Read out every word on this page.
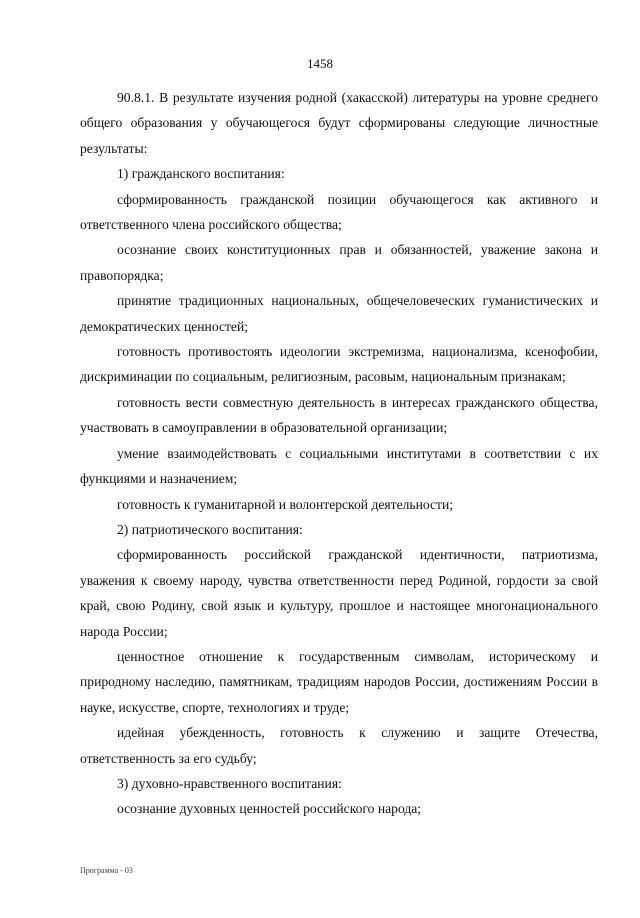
1458

90.8.1. В результате изучения родной (хакасской) литературы на уровне среднего общего образования у обучающегося будут сформированы следующие личностные результаты:

1) гражданского воспитания:

сформированность гражданской позиции обучающегося как активного и ответственного члена российского общества;

осознание своих конституционных прав и обязанностей, уважение закона и правопорядка;

принятие традиционных национальных, общечеловеческих гуманистических и демократических ценностей;

готовность противостоять идеологии экстремизма, национализма, ксенофобии, дискриминации по социальным, религиозным, расовым, национальным признакам;

готовность вести совместную деятельность в интересах гражданского общества, участвовать в самоуправлении в образовательной организации;

умение взаимодействовать с социальными институтами в соответствии с их функциями и назначением;

готовность к гуманитарной и волонтерской деятельности;

2) патриотического воспитания:

сформированность российской гражданской идентичности, патриотизма, уважения к своему народу, чувства ответственности перед Родиной, гордости за свой край, свою Родину, свой язык и культуру, прошлое и настоящее многонационального народа России;

ценностное отношение к государственным символам, историческому и природному наследию, памятникам, традициям народов России, достижениям России в науке, искусстве, спорте, технологиях и труде;

идейная убежденность, готовность к служению и защите Отечества, ответственность за его судьбу;

3) духовно-нравственного воспитания:

осознание духовных ценностей российского народа;

Программа - 03
